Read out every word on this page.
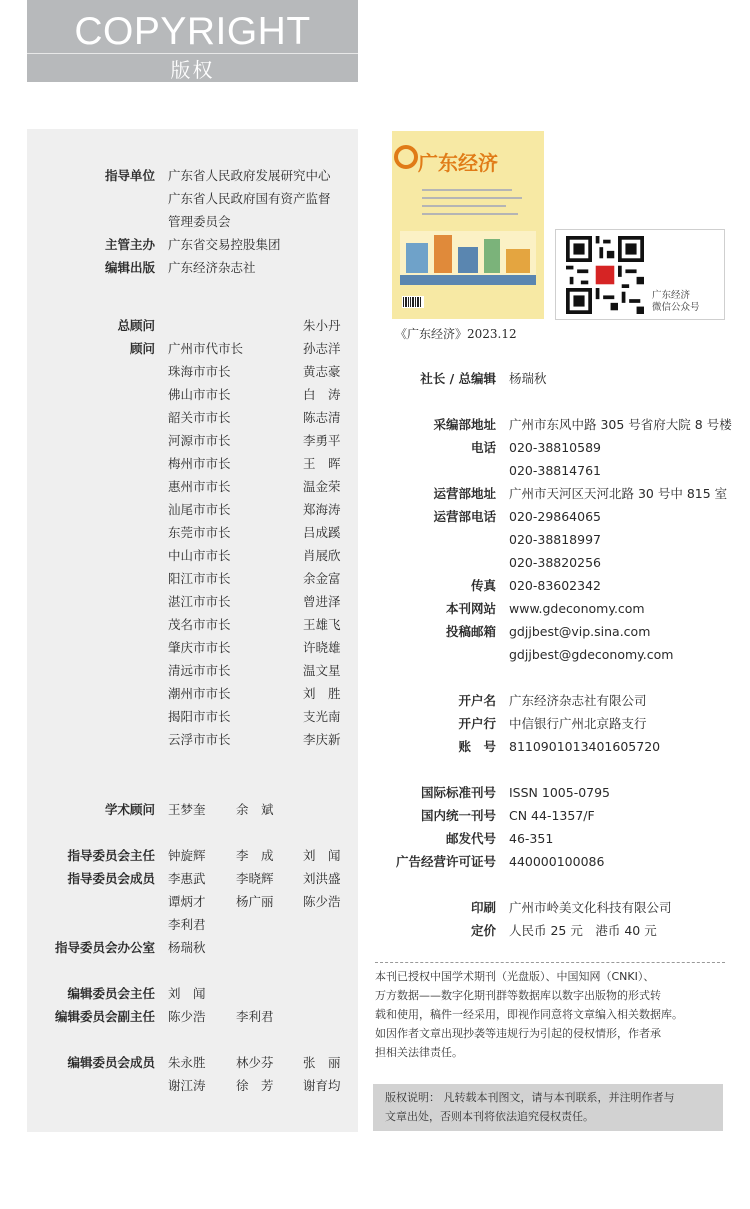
COPYRIGHT
版权
指导单位 广东省人民政府发展研究中心
广东省人民政府国有资产监督
管理委员会
主管主办 广东省交易控股集团
编辑出版 广东经济杂志社
总顾问	朱小丹
顾问 广州市代市长	孙志洋
珠海市市长	黄志豪
佛山市市长	白　涛
韶关市市长	陈志清
河源市市长	李勇平
梅州市市长	王　晖
惠州市市长	温金荣
汕尾市市长	郑海涛
东莞市市长	吕成蹊
中山市市长	肖展欣
阳江市市长	余金富
湛江市市长	曾进泽
茂名市市长	王雄飞
肇庆市市长	许晓雄
清远市市长	温文星
潮州市市长	刘　胜
揭阳市市长	支光南
云浮市市长	李庆新
学术顾问 王梦奎 余　斌
指导委员会主任 钟旋辉 李　成 刘　闻
指导委员会成员 李惠武 李晓辉 刘洪盛
谭炳才 杨广丽 陈少浩
李利君
指导委员会办公室 杨瑞秋
编辑委员会主任 刘　闻
编辑委员会副主任 陈少浩 李利君
编辑委员会成员 朱永胜 林少芬 张　丽
谢江涛 徐　芳 谢育均
广东经济
《广东经济》2023.12
广东经济
微信公众号
社长 / 总编辑 杨瑞秋
采编部地址 广州市东风中路 305 号省府大院 8 号楼
电话 020-38810589
020-38814761
运营部地址 广州市天河区天河北路 30 号中 815 室
运营部电话 020-29864065
020-38818997
020-38820256
传真 020-83602342
本刊网站 www.gdeconomy.com
投稿邮箱 gdjjbest@vip.sina.com
gdjjbest@gdeconomy.com
开户名 广东经济杂志社有限公司
开户行 中信银行广州北京路支行
账　号 8110901013401605720
国际标准刊号 ISSN 1005-0795
国内统一刊号 CN 44-1357/F
邮发代号 46-351
广告经营许可证号 440000100086
印刷 广州市岭美文化科技有限公司
定价 人民币 25 元　港币 40 元

本刊已授权中国学术期刊（光盘版）、中国知网（CNKI）、

万方数据——数字化期刊群等数据库以数字出版物的形式转

载和使用，稿件一经采用，即视作同意将文章编入相关数据库。

如因作者文章出现抄袭等违规行为引起的侵权情形，作者承

担相关法律责任。

版权说明： 凡转载本刊图文，请与本刊联系，并注明作者与

文章出处，否则本刊将依法追究侵权责任。
